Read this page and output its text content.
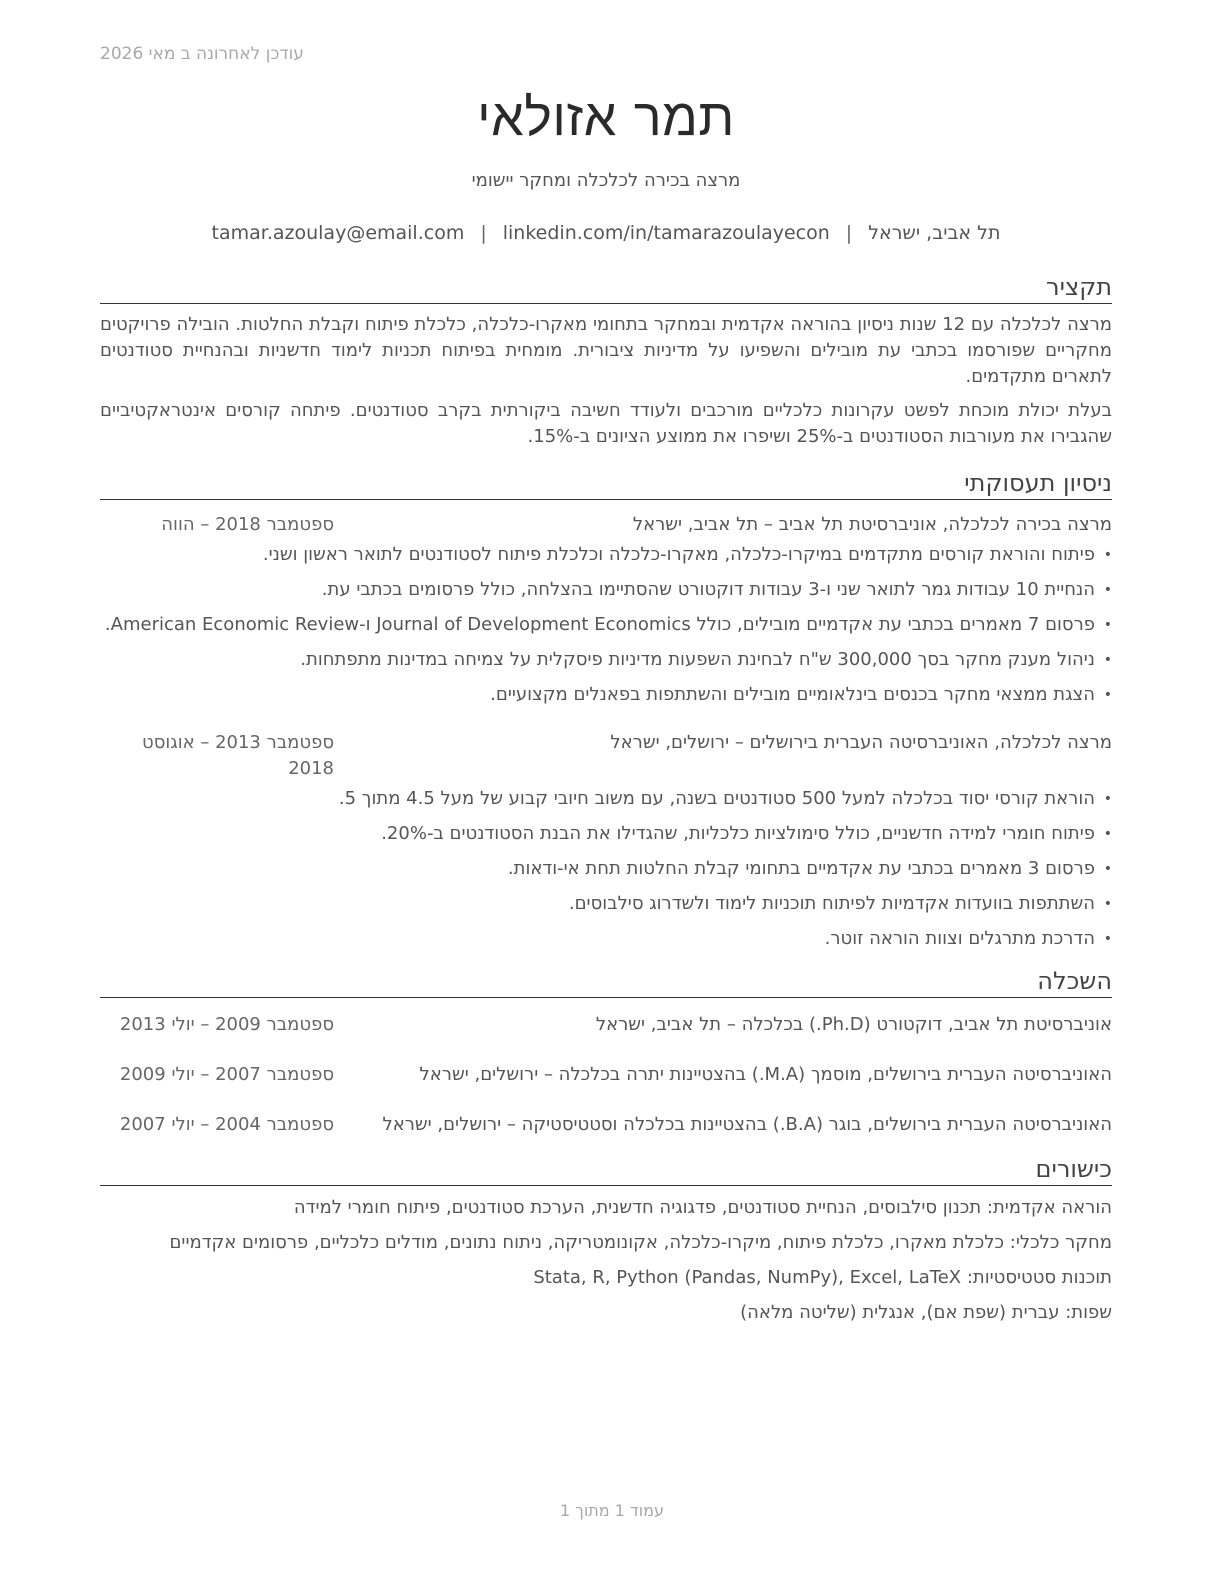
עודכן לאחרונה ב מאי 2026
תמר אזולאי
מרצה בכירה לכלכלה ומחקר יישומי
תל אביב, ישראל|tamar.azoulay@email.com | linkedin.com/in/tamarazoulayecon
תקציר

מרצה לכלכלה עם 12 שנות ניסיון בהוראה אקדמית ובמחקר בתחומי מאקרו-כלכלה, כלכלת פיתוח וקבלת החלטות. הובילה פרויקטים מחקריים שפורסמו בכתבי עת מובילים והשפיעו על מדיניות ציבורית. מומחית בפיתוח תכניות לימוד חדשניות ובהנחיית סטודנטים לתארים מתקדמים.

בעלת יכולת מוכחת לפשט עקרונות כלכליים מורכבים ולעודד חשיבה ביקורתית בקרב סטודנטים. פיתחה קורסים אינטראקטיביים שהגבירו את מעורבות הסטודנטים ב-25% ושיפרו את ממוצע הציונים ב-15%.

ניסיון תעסוקתי
מרצה בכירה לכלכלה, אוניברסיטת תל אביב – תל אביב, ישראל
ספטמבר 2018 – הווה
•
פיתוח והוראת קורסים מתקדמים במיקרו-כלכלה, מאקרו-כלכלה וכלכלת פיתוח לסטודנטים לתואר ראשון ושני.
•
הנחיית 10 עבודות גמר לתואר שני ו-3 עבודות דוקטורט שהסתיימו בהצלחה, כולל פרסומים בכתבי עת.
•
פרסום 7 מאמרים בכתבי עת אקדמיים מובילים, כולל Journal of Development Economics ו-American Economic Review.
•
ניהול מענק מחקר בסך 300,000 ש"ח לבחינת השפעות מדיניות פיסקלית על צמיחה במדינות מתפתחות.
•
הצגת ממצאי מחקר בכנסים בינלאומיים מובילים והשתתפות בפאנלים מקצועיים.
מרצה לכלכלה, האוניברסיטה העברית בירושלים – ירושלים, ישראל
ספטמבר 2013 – אוגוסט 2018
•
הוראת קורסי יסוד בכלכלה למעל 500 סטודנטים בשנה, עם משוב חיובי קבוע של מעל 4.5 מתוך 5.
•
פיתוח חומרי למידה חדשניים, כולל סימולציות כלכליות, שהגדילו את הבנת הסטודנטים ב-20%.
•
פרסום 3 מאמרים בכתבי עת אקדמיים בתחומי קבלת החלטות תחת אי-ודאות.
•
השתתפות בוועדות אקדמיות לפיתוח תוכניות לימוד ולשדרוג סילבוסים.
•
הדרכת מתרגלים וצוות הוראה זוטר.
השכלה
אוניברסיטת תל אביב, דוקטורט (Ph.D.) בכלכלה – תל אביב, ישראל
ספטמבר 2009 – יולי 2013
האוניברסיטה העברית בירושלים, מוסמך (M.A.) בהצטיינות יתרה בכלכלה – ירושלים, ישראל
ספטמבר 2007 – יולי 2009
האוניברסיטה העברית בירושלים, בוגר (B.A.) בהצטיינות בכלכלה וסטטיסטיקה – ירושלים, ישראל
ספטמבר 2004 – יולי 2007
כישורים
הוראה אקדמית: תכנון סילבוסים, הנחיית סטודנטים, פדגוגיה חדשנית, הערכת סטודנטים, פיתוח חומרי למידה
מחקר כלכלי: כלכלת מאקרו, כלכלת פיתוח, מיקרו-כלכלה, אקונומטריקה, ניתוח נתונים, מודלים כלכליים, פרסומים אקדמיים
תוכנות סטטיסטיות: Stata, R, Python (Pandas, NumPy), Excel, LaTeX
שפות: עברית (שפת אם), אנגלית (שליטה מלאה)
עמוד 1 מתוך 1
